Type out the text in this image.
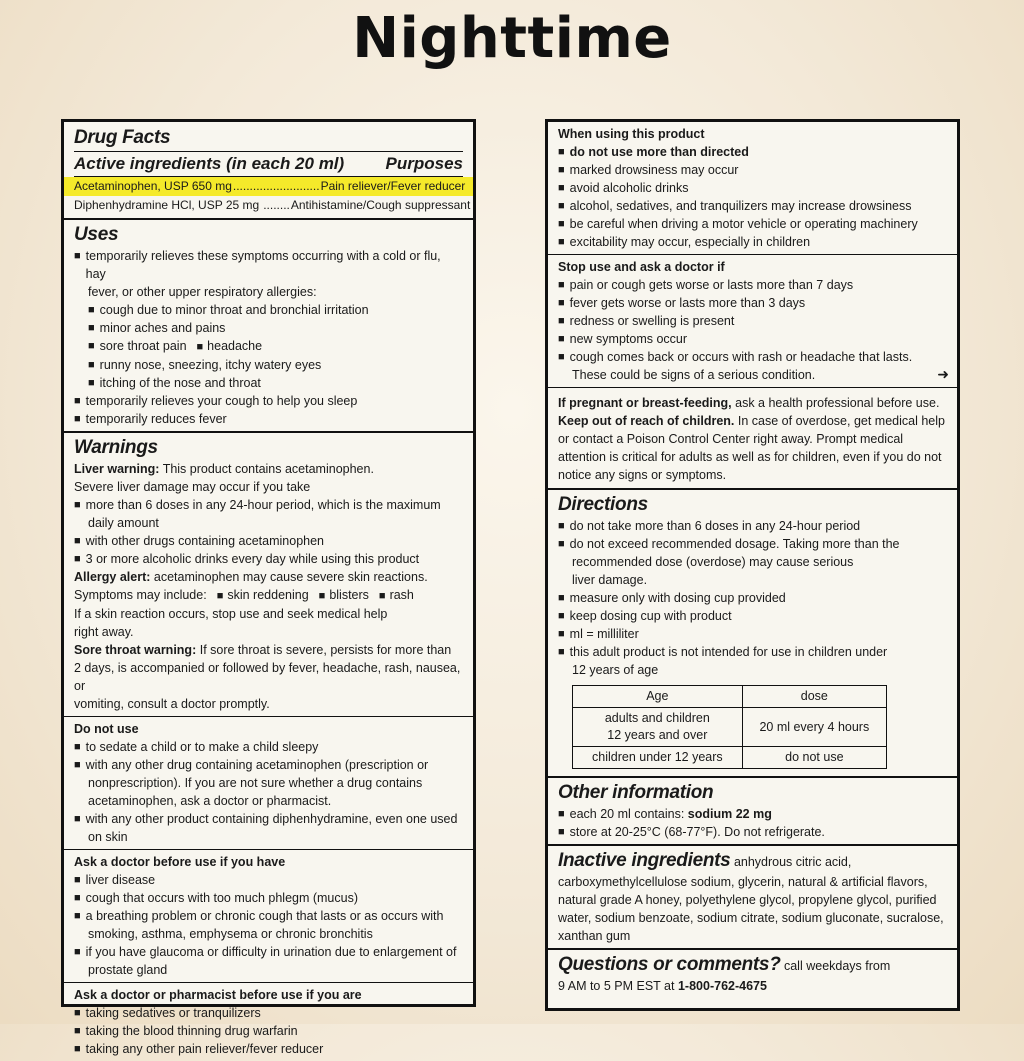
Nighttime
Drug Facts
Active ingredients (in each 20 ml) Purposes
Acetaminophen, USP 650 mg .......................... Pain reliever/Fever reducer
Diphenhydramine HCl, USP 25 mg ........ Antihistamine/Cough suppressant
Uses
■ temporarily relieves these symptoms occurring with a cold or flu, hay
fever, or other upper respiratory allergies:
■ cough due to minor throat and bronchial irritation
■ minor aches and pains
■ sore throat pain	■ headache
■ runny nose, sneezing, itchy watery eyes
■ itching of the nose and throat
■ temporarily relieves your cough to help you sleep
■ temporarily reduces fever
Warnings
Liver warning: This product contains acetaminophen.
Severe liver damage may occur if you take
■ more than 6 doses in any 24-hour period, which is the maximum
daily amount
■ with other drugs containing acetaminophen
■ 3 or more alcoholic drinks every day while using this product
Allergy alert: acetaminophen may cause severe skin reactions.
Symptoms may include: ■ skin reddening ■ blisters ■ rash
If a skin reaction occurs, stop use and seek medical help
right away.
Sore throat warning: If sore throat is severe, persists for more than
2 days, is accompanied or followed by fever, headache, rash, nausea, or
vomiting, consult a doctor promptly.
Do not use
■ to sedate a child or to make a child sleepy
■ with any other drug containing acetaminophen (prescription or
nonprescription). If you are not sure whether a drug contains
acetaminophen, ask a doctor or pharmacist.
■ with any other product containing diphenhydramine, even one used
on skin
Ask a doctor before use if you have
■ liver disease
■ cough that occurs with too much phlegm (mucus)
■ a breathing problem or chronic cough that lasts or as occurs with
smoking, asthma, emphysema or chronic bronchitis
■ if you have glaucoma or difficulty in urination due to enlargement of
prostate gland
Ask a doctor or pharmacist before use if you are
■ taking sedatives or tranquilizers
■ taking the blood thinning drug warfarin
■ taking any other pain reliever/fever reducer
When using this product
■ do not use more than directed
■ marked drowsiness may occur
■ avoid alcoholic drinks
■ alcohol, sedatives, and tranquilizers may increase drowsiness
■ be careful when driving a motor vehicle or operating machinery
■ excitability may occur, especially in children
Stop use and ask a doctor if
■ pain or cough gets worse or lasts more than 7 days
■ fever gets worse or lasts more than 3 days
■ redness or swelling is present
■ new symptoms occur
■ cough comes back or occurs with rash or headache that lasts.
These could be signs of a serious condition.	➜
If pregnant or breast-feeding, ask a health professional before use.
Keep out of reach of children. In case of overdose, get medical help
or contact a Poison Control Center right away. Prompt medical
attention is critical for adults as well as for children, even if you do not
notice any signs or symptoms.
Directions
■ do not take more than 6 doses in any 24-hour period
■ do not exceed recommended dosage. Taking more than the
recommended dose (overdose) may cause serious
liver damage.
■ measure only with dosing cup provided
■ keep dosing cup with product
■ ml = milliliter
■ this adult product is not intended for use in children under
12 years of age
Age	dose

adults and children
12 years and over	20 ml every 4 hours
children under 12 years	do not use
Other information
■ each 20 ml contains: sodium 22 mg
■ store at 20-25°C (68-77°F). Do not refrigerate.
Inactive ingredients anhydrous citric acid,
carboxymethylcellulose sodium, glycerin, natural & artificial flavors,
natural grade A honey, polyethylene glycol, propylene glycol, purified
water, sodium benzoate, sodium citrate, sodium gluconate, sucralose,
xanthan gum
Questions or comments? call weekdays from
9 AM to 5 PM EST at 1-800-762-4675
